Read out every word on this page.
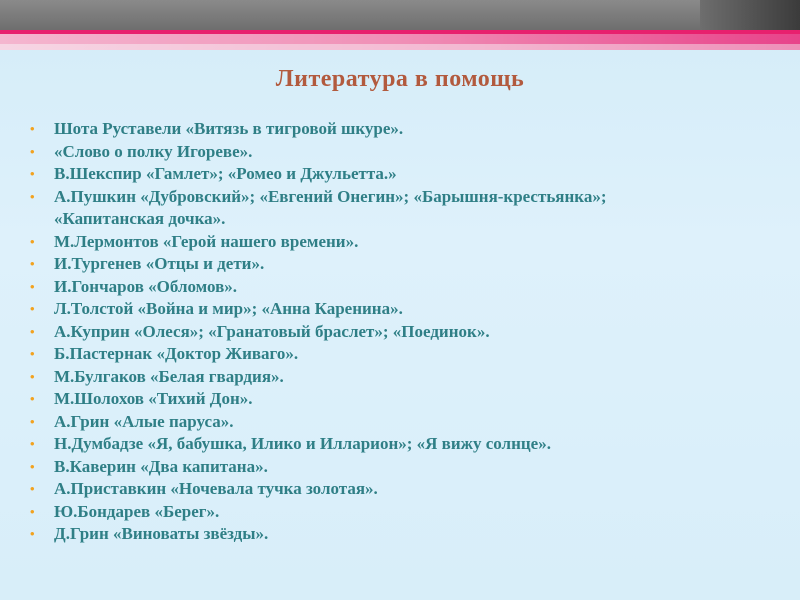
Литература в помощь
• Шота Руставели «Витязь в тигровой шкуре».
• «Слово о полку Игореве».
• В.Шекспир «Гамлет»; «Ромео и Джульетта.»
• А.Пушкин «Дубровский»; «Евгений Онегин»; «Барышня-крестьянка»;
«Капитанская дочка».
• М.Лермонтов «Герой нашего времени».
• И.Тургенев «Отцы и дети».
• И.Гончаров «Обломов».
• Л.Толстой «Война и мир»; «Анна Каренина».
• А.Куприн «Олеся»; «Гранатовый браслет»; «Поединок».
• Б.Пастернак «Доктор Живаго».
• М.Булгаков «Белая гвардия».
• М.Шолохов «Тихий Дон».
• А.Грин «Алые паруса».
• Н.Думбадзе «Я, бабушка, Илико и Илларион»; «Я вижу солнце».
• В.Каверин «Два капитана».
• А.Приставкин «Ночевала тучка золотая».
• Ю.Бондарев «Берег».
• Д.Грин «Виноваты звёзды».
